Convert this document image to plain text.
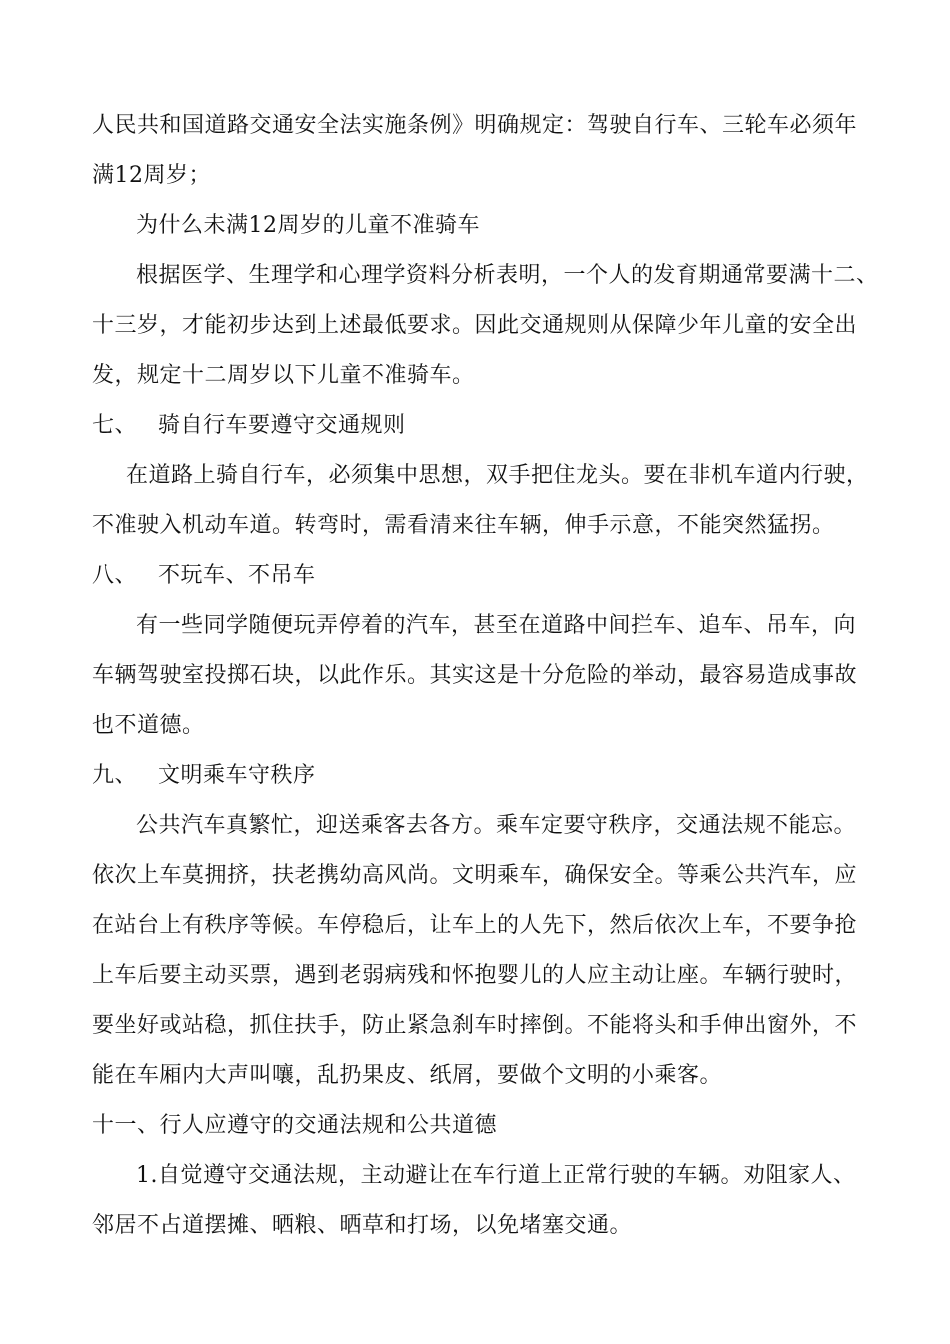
人民共和国道路交通安全法实施条例》明确规定：驾驶自行车、三轮车必须年
满12周岁；
为什么未满12周岁的儿童不准骑车
根据医学、生理学和心理学资料分析表明，一个人的发育期通常要满十二、
十三岁，才能初步达到上述最低要求。因此交通规则从保障少年儿童的安全出
发，规定十二周岁以下儿童不准骑车。
七、 骑自行车要遵守交通规则
在道路上骑自行车，必须集中思想，双手把住龙头。要在非机车道内行驶，
不准驶入机动车道。转弯时，需看清来往车辆，伸手示意，不能突然猛拐。
八、 不玩车、不吊车
有一些同学随便玩弄停着的汽车，甚至在道路中间拦车、追车、吊车，向
车辆驾驶室投掷石块，以此作乐。其实这是十分危险的举动，最容易造成事故
也不道德。
九、 文明乘车守秩序
公共汽车真繁忙，迎送乘客去各方。乘车定要守秩序，交通法规不能忘。
依次上车莫拥挤，扶老携幼高风尚。文明乘车，确保安全。等乘公共汽车，应
在站台上有秩序等候。车停稳后，让车上的人先下，然后依次上车，不要争抢
上车后要主动买票，遇到老弱病残和怀抱婴儿的人应主动让座。车辆行驶时，
要坐好或站稳，抓住扶手，防止紧急刹车时摔倒。不能将头和手伸出窗外，不
能在车厢内大声叫嚷，乱扔果皮、纸屑，要做个文明的小乘客。
十一、行人应遵守的交通法规和公共道德
1.自觉遵守交通法规，主动避让在车行道上正常行驶的车辆。劝阻家人、
邻居不占道摆摊、晒粮、晒草和打场，以免堵塞交通。
